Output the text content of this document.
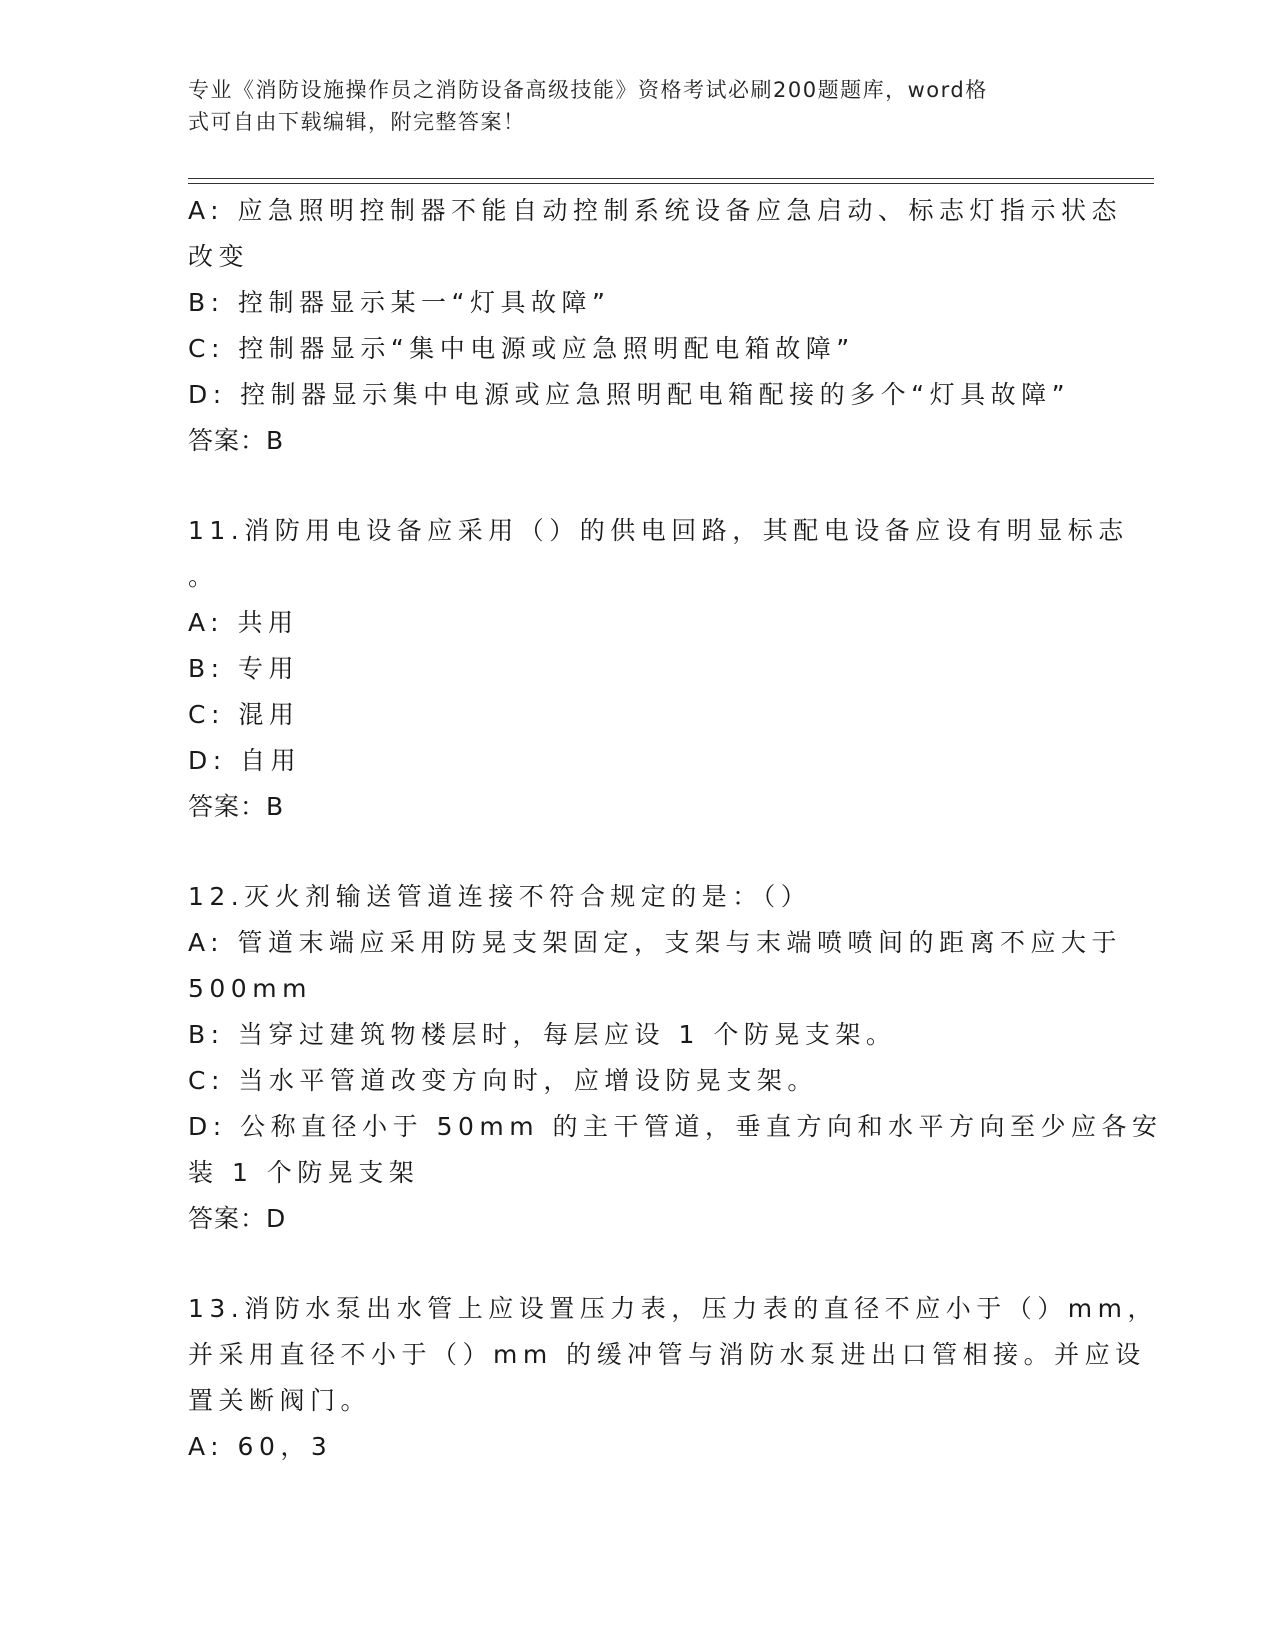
专业《消防设施操作员之消防设备高级技能》资格考试必刷200题题库，word格
式可自由下载编辑，附完整答案！

A: 应急照明控制器不能自动控制系统设备应急启动、标志灯指示状态

改变

B: 控制器显示某一“灯具故障”

C: 控制器显示“集中电源或应急照明配电箱故障”

D: 控制器显示集中电源或应急照明配电箱配接的多个“灯具故障”

答案：B

11.消防用电设备应采用（）的供电回路，其配电设备应设有明显标志

。

A: 共用

B: 专用

C: 混用

D: 自用

答案：B

12.灭火剂输送管道连接不符合规定的是：（）

A: 管道末端应采用防晃支架固定，支架与末端喷喷间的距离不应大于

500mm

B: 当穿过建筑物楼层时，每层应设 1 个防晃支架。

C: 当水平管道改变方向时，应增设防晃支架。

D: 公称直径小于 50mm 的主干管道，垂直方向和水平方向至少应各安

装 1 个防晃支架

答案：D

13.消防水泵出水管上应设置压力表，压力表的直径不应小于（）mm，

并采用直径不小于（）mm 的缓冲管与消防水泵进出口管相接。并应设

置关断阀门。

A: 60，3
